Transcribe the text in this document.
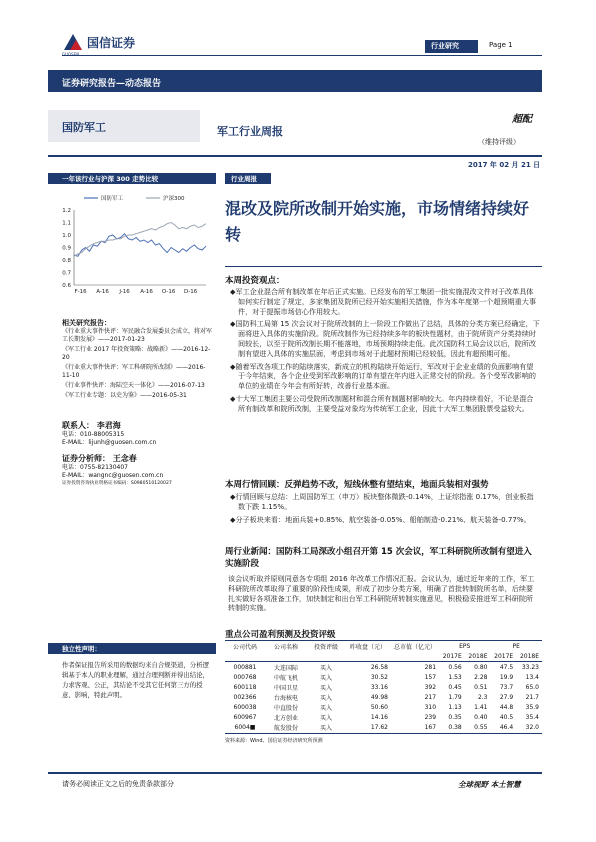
国信证券	行业研究	Page 1
证券研究报告—动态报告
国防军工	军工行业周报
超配
（维持评级）
2017 年 02 月 21 日
一年该行业与沪深 300 走势比较
1.2
1.1
1.0
0.9
0.8
0.7
0.6
F-16 A-16 J-16 A-16 O-16 D-16
国防军工	沪深300
相关研究报告：
《行业重大事件快评：军民融合发展委员会成立，将对军工长期发展》——2017-01-23
《军工行业 2017 年投资策略：战略新》——2016-12-20
《行业重大事件快评：军工科研院所改制》——2016-11-10
《行业事件快评：海陆空天一体化》——2016-07-13
《军工行业专题：以史为鉴》——2016-05-31
联系人： 李君海
电话：010-88005315
E-MAIL：lijunh@guosen.com.cn
证券分析师： 王念春
电话：0755-82130407
E-MAIL：wangnc@guosen.com.cn
证券投资咨询执业资格证书编码：S0980510120027
独立性声明：
作者保证报告所采用的数据均来自合规渠道，分析逻辑基于本人的职业理解，通过合理判断并得出结论，力求客观、公正，其结论不受其它任何第三方的授意、影响，特此声明。
行业周报
混改及院所改制开始实施，市场情绪持续好转
本周投资观点：

◆军工企业混合所有制改革在年后正式实施。已经发布的军工集团一批实施混改文件对于改革具体如何实行制定了规定，多家集团及院所已经开始实施相关措施，作为本年度第一个超预期重大事件，对于提振市场信心作用较大。

◆国防科工局第 15 次会议对于院所改制的上一阶段工作做出了总结，具体的分类方案已经确定，下面将进入具体的实施阶段。院所改制作为已经持续多年的板块性题材，由于院所资产分类持续时间较长，以至于院所改制长期不能落地，市场预期持续走低。此次国防科工局会议以后，院所改制有望进入具体的实施层面，考虑到市场对于此题材预期已经较低，因此有超预期可能。

◆随着军改各项工作的陆续落实，新成立的机构陆续开始运行，军改对于企业业绩的负面影响有望于今年结束，各个企业受到军改影响的订单有望在年内进入正常交付的阶段。各个受军改影响的单位的业绩在今年会有所好转，改善行业基本面。

◆十大军工集团主要公司受院所改制题材和混合所有制题材影响较大。年内持续看好，不论是混合所有制改革和院所改制，主要受益对象均为传统军工企业，因此十大军工集团股票受益较大。

本周行情回顾：反弹趋势不改，短线休整有望结束，地面兵装相对强势

◆行情回顾与总结：上周国防军工（申万）板块整体微跌-0.14%，上证综指涨 0.17%，创业板指数下跌 1.15%。

◆分子板块来看：地面兵装+0.85%、航空装备-0.05%、船舶制造-0.21%、航天装备-0.77%。

周行业新闻：国防科工局深改小组召开第 15 次会议，军工科研院所改制有望进入实施阶段
该会议听取并原则同意各专项组 2016 年改革工作情况汇报。会议认为，通过近年来的工作，军工科研院所改革取得了重要的阶段性成果，形成了初步分类方案，明确了首批转制院所名单，后续要扎实做好各项准备工作，加快制定和出台军工科研院所转制实施意见，积极稳妥推进军工科研院所转制的实施。
重点公司盈利预测及投资评级
公司代码	公司名称	投资评级	昨收盘（元）	总市值（亿元）	EPS		PE	
					2017E	2018E	2017E	2018E
000881	大连国际	买入	26.58	281	0.56	0.80	47.5	33.23
000768	中航飞机	买入	30.52	157	1.53	2.28	19.9	13.4
600118	中国卫星	买入	33.16	392	0.45	0.51	73.7	65.0
002366	台海核电	买入	49.98	217	1.79	2.3	27.9	21.7
600038	中直股份	买入	50.60	310	1.13	1.41	44.8	35.9
600967	北方创业	买入	14.16	239	0.35	0.40	40.5	35.4
6004■	航发股份	买入	17.62	167	0.38	0.55	46.4	32.0
资料来源：Wind、国信证券经济研究所预测
请务必阅读正文之后的免责条款部分	全球视野 本土智慧
